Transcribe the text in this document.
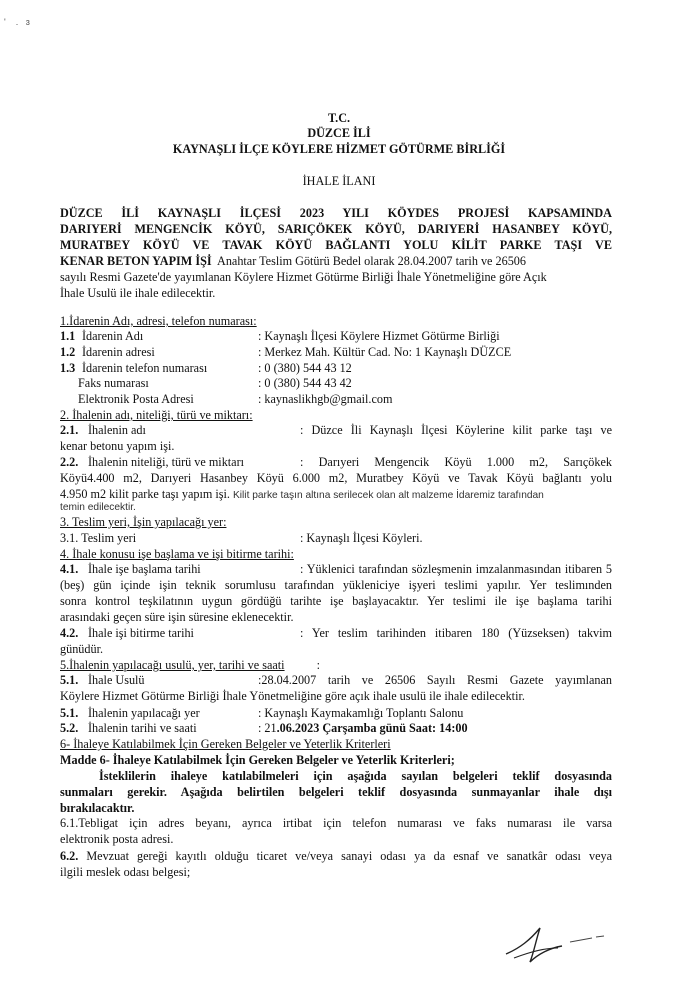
'    .   ɜ
T.C.
DÜZCE İLİ
KAYNAŞLI İLÇE KÖYLERE HİZMET GÖTÜRME BİRLİĞİ
İHALE İLANI
DÜZCE İLİ KAYNAŞLI İLÇESİ 2023 YILI KÖYDES PROJESİ KAPSAMINDA
DARIYERİ MENGENCİK KÖYÜ, SARIÇÖKEK KÖYÜ, DARIYERİ HASANBEY KÖYÜ,
MURATBEY KÖYÜ VE TAVAK KÖYÜ BAĞLANTI YOLU KİLİT PARKE TAŞI VE
KENAR BETON YAPIM İŞİ Anahtar Teslim Götürü Bedel olarak 28.04.2007 tarih ve 26506
sayılı Resmi Gazete'de yayımlanan Köylere Hizmet Götürme Birliği İhale Yönetmeliğine göre Açık
İhale Usulü ile ihale edilecektir.
1.İdarenin Adı, adresi, telefon numarası:
1.1 İdarenin Adı	: Kaynaşlı İlçesi Köylere Hizmet Götürme Birliği
1.2 İdarenin adresi	: Merkez Mah. Kültür Cad. No: 1 Kaynaşlı DÜZCE
1.3 İdarenin telefon numarası	: 0 (380) 544 43 12
Faks numarası	: 0 (380) 544 43 42
Elektronik Posta Adresi	: kaynaslikhgb@gmail.com
2. İhalenin adı, niteliği, türü ve miktarı:
2.1. İhalenin adı	: Düzce İli Kaynaşlı İlçesi Köylerine kilit parke taşı ve
kenar betonu yapım işi.
2.2. İhalenin niteliği, türü ve miktarı	: Darıyeri Mengencik Köyü 1.000 m2, Sarıçökek
Köyü4.400 m2, Darıyeri Hasanbey Köyü 6.000 m2, Muratbey Köyü ve Tavak Köyü bağlantı yolu
4.950 m2 kilit parke taşı yapım işi. Kilit parke taşın altına serilecek olan alt malzeme İdaremiz tarafından
temin edilecektir.
3. Teslim yeri, İşin yapılacağı yer:
3.1. Teslim yeri	: Kaynaşlı İlçesi Köyleri.
4. İhale konusu işe başlama ve işi bitirme tarihi:
4.1. İhale işe başlama tarihi	: Yüklenici tarafından sözleşmenin imzalanmasından itibaren 5
(beş) gün içinde işin teknik sorumlusu tarafından yükleniciye işyeri teslimi yapılır. Yer teslimınden
sonra kontrol teşkilatının uygun gördüğü tarihte işe başlayacaktır. Yer teslimi ile işe başlama tarihi
arasındaki geçen süre işin süresine eklenecektir.
4.2. İhale işi bitirme tarihi	: Yer teslim tarihinden itibaren 180 (Yüzseksen) takvim
günüdür.
5.İhalenin yapılacağı usulü, yer, tarihi ve saati	:
5.1. İhale Usulü	:28.04.2007 tarih ve 26506 Sayılı Resmi Gazete yayımlanan
Köylere Hizmet Götürme Birliği İhale Yönetmeliğine göre açık ihale usulü ile ihale edilecektir.
5.1. İhalenin yapılacağı yer	: Kaynaşlı Kaymakamlığı Toplantı Salonu
5.2. İhalenin tarihi ve saati	: 21.06.2023 Çarşamba günü Saat: 14:00
6- İhaleye Katılabilmek İçin Gereken Belgeler ve Yeterlik Kriterleri
Madde 6- İhaleye Katılabilmek İçin Gereken Belgeler ve Yeterlik Kriterleri;
İsteklilerin ihaleye katılabilmeleri için aşağıda sayılan belgeleri teklif dosyasında
sunmaları gerekir. Aşağıda belirtilen belgeleri teklif dosyasında sunmayanlar ihale dışı
bırakılacaktır.
6.1.Tebligat için adres beyanı, ayrıca irtibat için telefon numarası ve faks numarası ile varsa
elektronik posta adresi.
6.2. Mevzuat gereği kayıtlı olduğu ticaret ve/veya sanayi odası ya da esnaf ve sanatkâr odası veya
ilgili meslek odası belgesi;
